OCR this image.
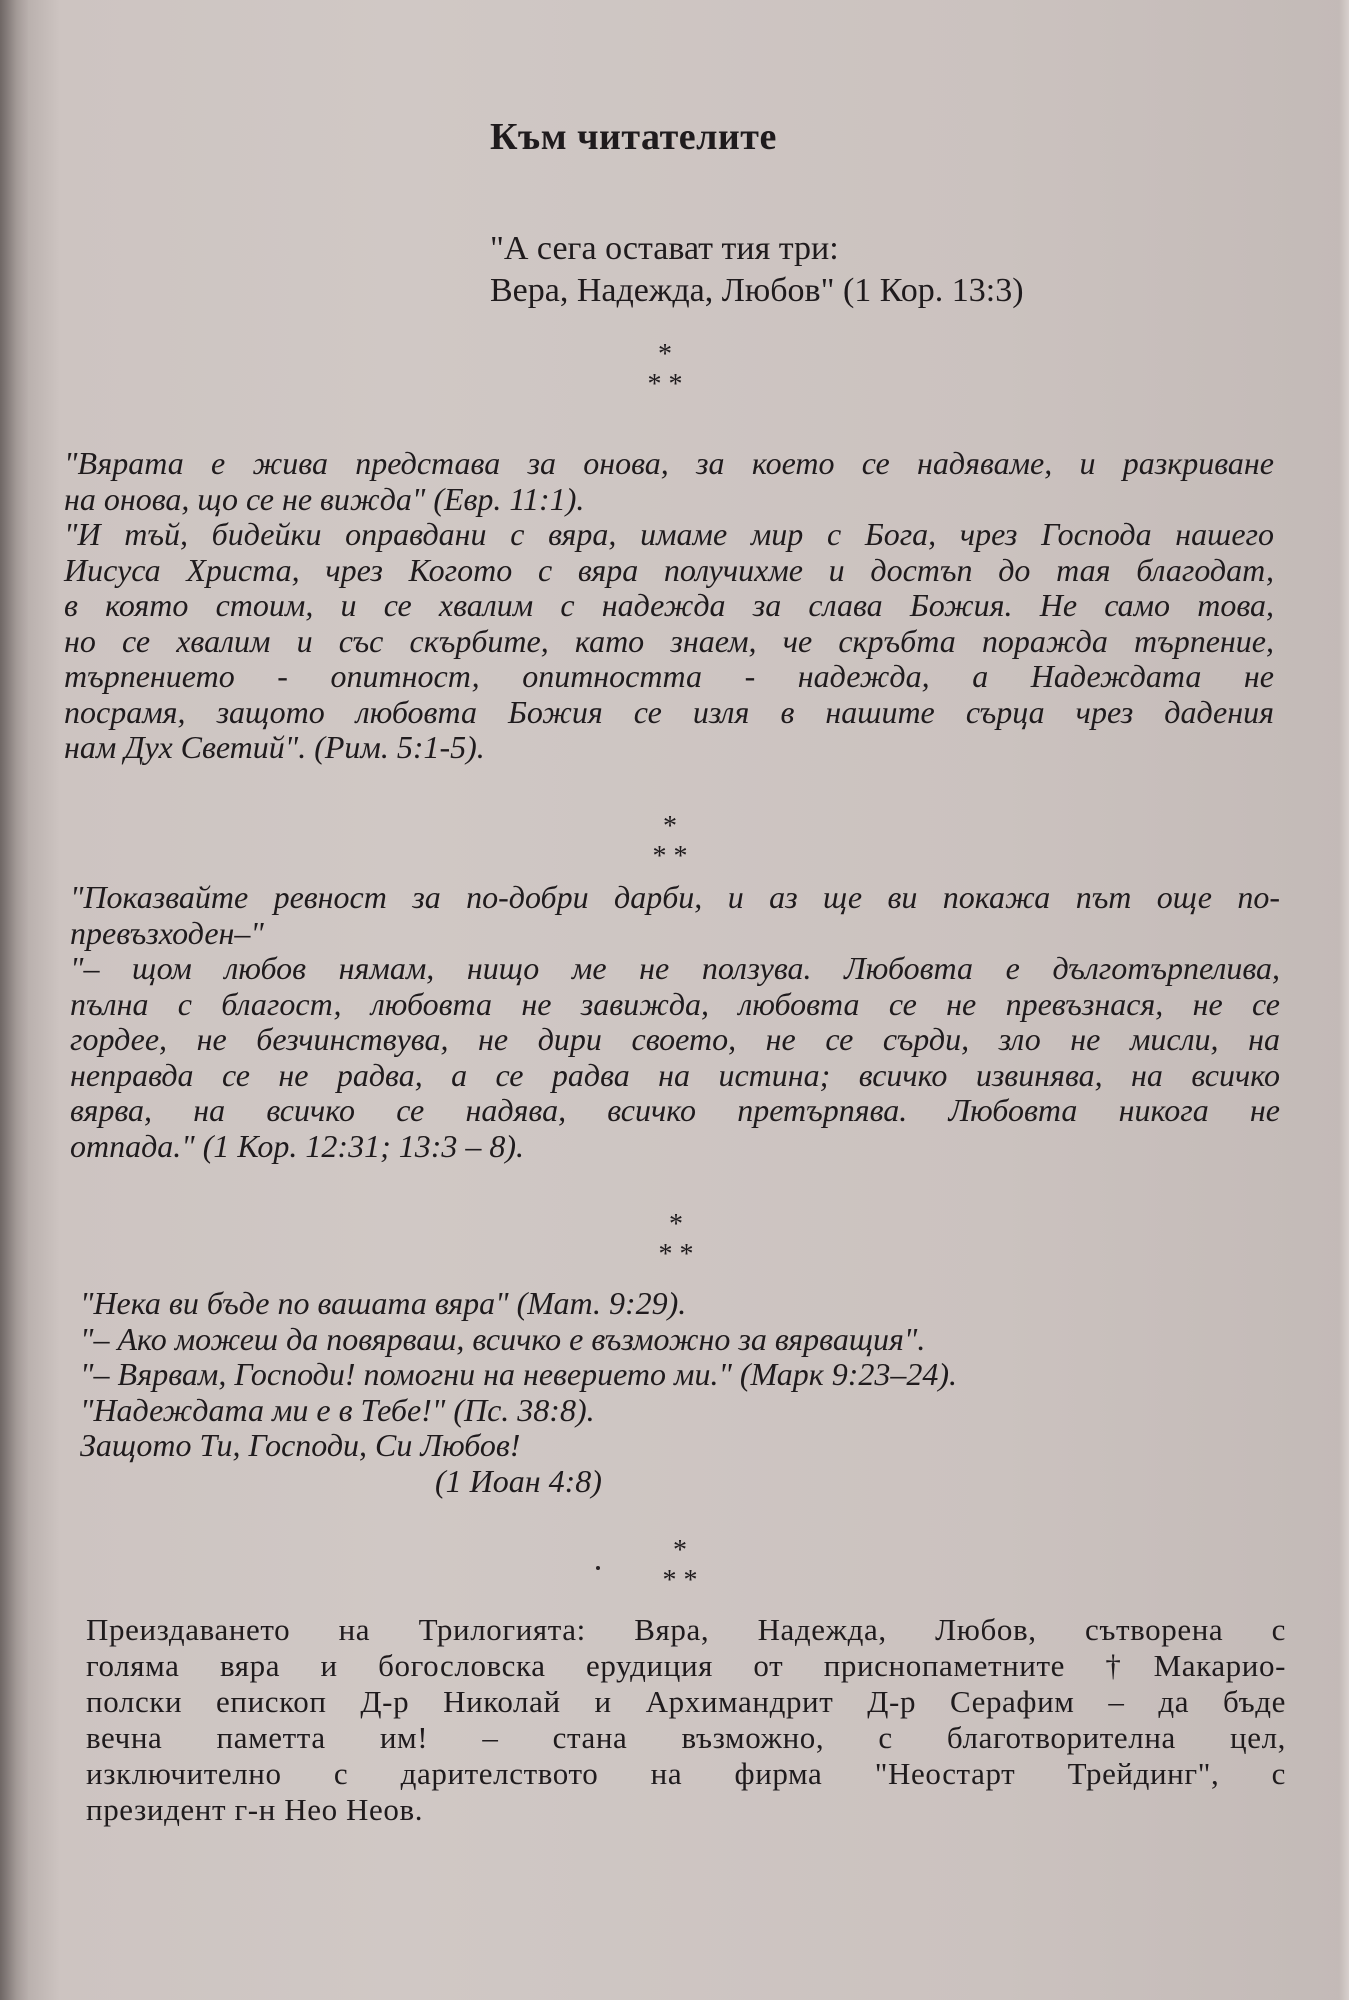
Към читателите
"А сега остават тия три:
Вера, Надежда, Любов" (1 Кор. 13:3)
*
* *
"Вярата е жива представа за онова, за което се надяваме, и разкриване
на онова, що се не вижда" (Евр. 11:1).
"И тъй, бидейки оправдани с вяра, имаме мир с Бога, чрез Господа нашего
Иисуса Христа, чрез Когото с вяра получихме и достъп до тая благодат,
в която стоим, и се хвалим с надежда за слава Божия. Не само това,
но се хвалим и със скърбите, като знаем, че скръбта поражда търпение,
търпението - опитност, опитността - надежда, а Надеждата не
посрамя, защото любовта Божия се изля в нашите сърца чрез дадения
нам Дух Светий". (Рим. 5:1-5).
*
* *
"Показвайте ревност за по-добри дарби, и аз ще ви покажа път още по-
превъзходен–"
"– щом любов нямам, нищо ме не ползува. Любовта е дълготърпелива,
пълна с благост, любовта не завижда, любовта се не превъзнася, не се
гордее, не безчинствува, не дири своето, не се сърди, зло не мисли, на
неправда се не радва, а се радва на истина; всичко извинява, на всичко
вярва, на всичко се надява, всичко претърпява. Любовта никога не
отпада." (1 Кор. 12:31; 13:3 – 8).
*
* *
"Нека ви бъде по вашата вяра" (Мат. 9:29).
"– Ако можеш да повярваш, всичко е възможно за вярващия".
"– Вярвам, Господи! помогни на неверието ми." (Марк 9:23–24).
"Надеждата ми е в Тебе!" (Пс. 38:8).
Защото Ти, Господи, Си Любов!
(1 Иоан 4:8)
*
* *
Преиздаването на Трилогията: Вяра, Надежда, Любов, сътворена с
голяма вяра и богословска ерудиция от приснопаметните †Макарио-
полски епископ Д-р Николай и Архимандрит Д-р Серафим – да бъде
вечна паметта им! – стана възможно, с благотворителна цел,
изключително с дарителството на фирма "Неостарт Трейдинг", с
президент г-н Нео Неов.
